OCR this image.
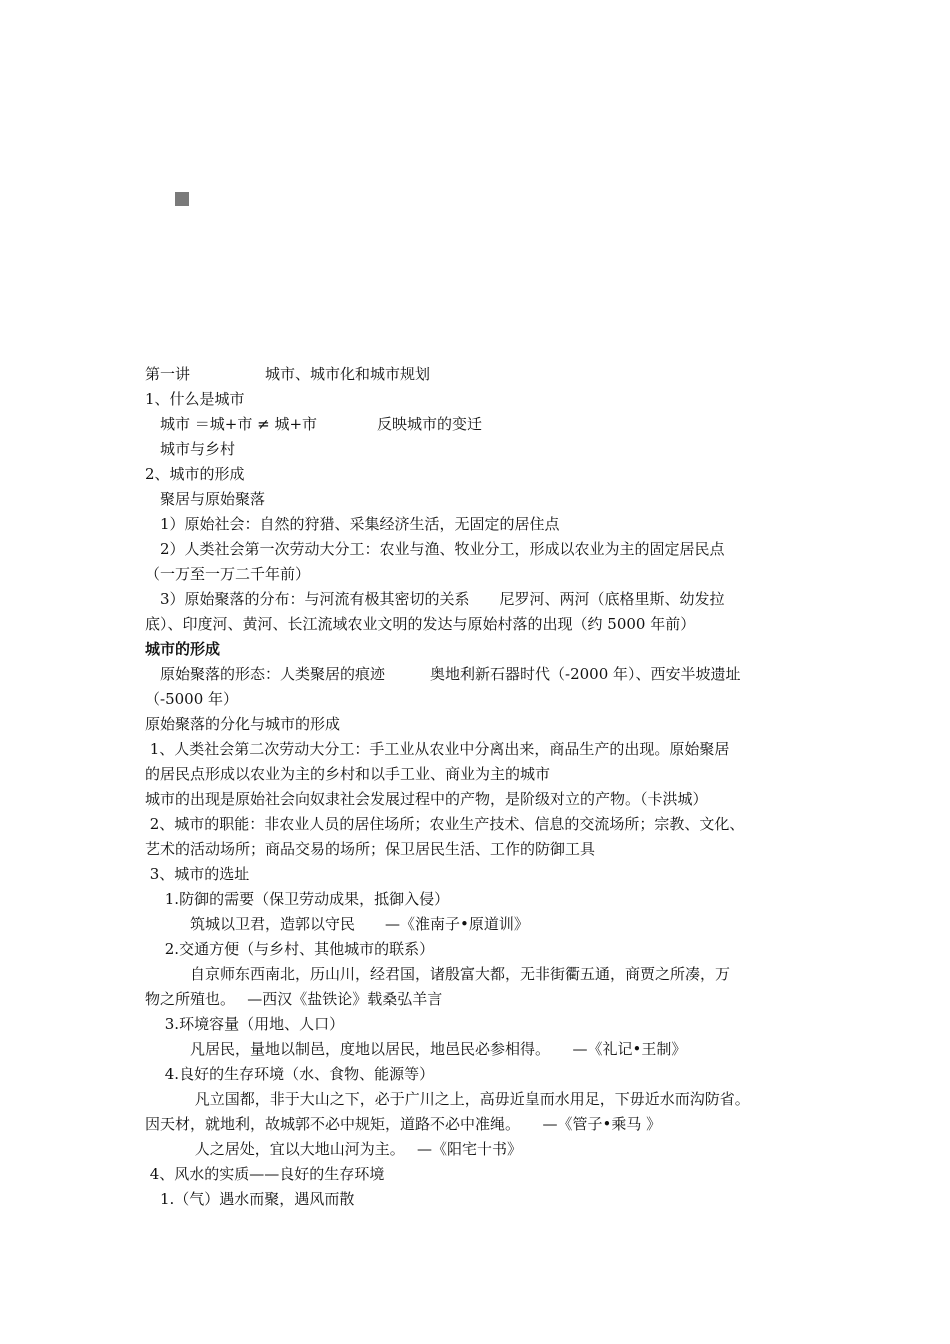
第一讲　　　　　城市、城市化和城市规划
1、什么是城市
　城市 ＝城+市 ≠ 城+市　　　　反映城市的变迁
　城市与乡村
2、城市的形成
　聚居与原始聚落
　1）原始社会：自然的狩猎、采集经济生活，无固定的居住点
　2）人类社会第一次劳动大分工：农业与渔、牧业分工，形成以农业为主的固定居民点
（一万至一万二千年前）
　3）原始聚落的分布：与河流有极其密切的关系　　尼罗河、两河（底格里斯、幼发拉
底）、印度河、黄河、长江流域农业文明的发达与原始村落的出现（约 5000 年前）
城市的形成
　原始聚落的形态：人类聚居的痕迹　　　奥地利新石器时代（-2000 年）、西安半坡遗址
（-5000 年）
原始聚落的分化与城市的形成
1、人类社会第二次劳动大分工：手工业从农业中分离出来，商品生产的出现。原始聚居
的居民点形成以农业为主的乡村和以手工业、商业为主的城市
城市的出现是原始社会向奴隶社会发展过程中的产物，是阶级对立的产物。（卡洪城）
2、城市的职能：非农业人员的居住场所；农业生产技术、信息的交流场所；宗教、文化、
艺术的活动场所；商品交易的场所；保卫居民生活、工作的防御工具
3、城市的选址
　 1.防御的需要（保卫劳动成果，抵御入侵）
　　　筑城以卫君，造郭以守民　　—《淮南子•原道训》
　 2.交通方便（与乡村、其他城市的联系）
　　　自京师东西南北，历山川，经君国，诸殷富大都，无非街衢五通，商贾之所凑，万
物之所殖也。　 —西汉《盐铁论》载桑弘羊言
　 3.环境容量（用地、人口）
　　　凡居民，量地以制邑，度地以居民，地邑民必参相得。　　—《礼记•王制》
　 4.良好的生存环境（水、食物、能源等）
　　　 凡立国都，非于大山之下，必于广川之上，高毋近皇而水用足，下毋近水而沟防省。
因天材，就地利，故城郭不必中规矩，道路不必中准绳。　　—《管子•乘马 》
　　　 人之居处，宜以大地山河为主。　 —《阳宅十书》
4、风水的实质——良好的生存环境
　1.（气）遇水而聚，遇风而散
